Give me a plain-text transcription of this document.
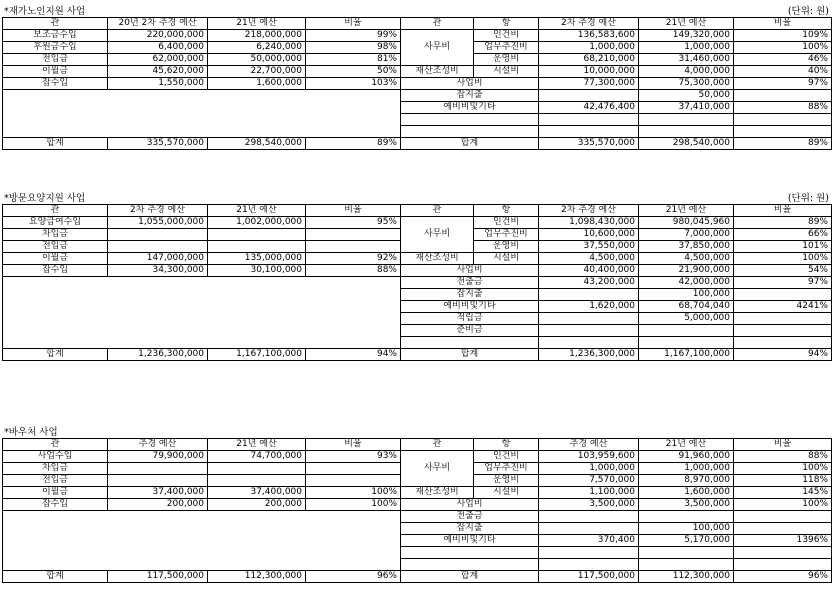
*재가노인지원 사업	(단위: 원)
관	20년 2차 추경 예산	21년 예산	비율	관	항	2차 추경 예산	21년 예산	비율
보조금수입	220,000,000	218,000,000	99%	사무비	인건비	136,583,600	149,320,000	109%
후원금수입	6,400,000	6,240,000	98%		업무추진비	1,000,000	1,000,000	100%
전입금	62,000,000	50,000,000	81%		운영비	68,210,000	31,460,000	46%
이월금	45,620,000	22,700,000	50%	재산조성비	시설비	10,000,000	4,000,000	40%
잡수입	1,550,000	1,600,000	103%	사업비		77,300,000	75,300,000	97%
				잡지출			50,000	
				예비비및기타		42,476,400	37,410,000	88%

합계	335,570,000	298,540,000	89%	합계		335,570,000	298,540,000	89%
*방문요양지원 사업	(단위: 원)
관	2차 추경 예산	21년 예산	비율	관	항	2차 추경 예산	21년 예산	비율
요양급여수입	1,055,000,000	1,002,000,000	95%	사무비	인건비	1,098,430,000	980,045,960	89%
차입금					업무추진비	10,600,000	7,000,000	66%
전입금					운영비	37,550,000	37,850,000	101%
이월금	147,000,000	135,000,000	92%	재산조성비	시설비	4,500,000	4,500,000	100%
잡수입	34,300,000	30,100,000	88%	사업비		40,400,000	21,900,000	54%
				전출금		43,200,000	42,000,000	97%
				잡지출			100,000	
				예비비및기타		1,620,000	68,704,040	4241%
				적립금			5,000,000	
				준비금				

합계	1,236,300,000	1,167,100,000	94%	합계		1,236,300,000	1,167,100,000	94%
*바우처 사업
관	추경 예산	21년 예산	비율	관	항	추경 예산	21년 예산	비율
사업수입	79,900,000	74,700,000	93%	사무비	인건비	103,959,600	91,960,000	88%
차입금					업무추진비	1,000,000	1,000,000	100%
전입금					운영비	7,570,000	8,970,000	118%
이월금	37,400,000	37,400,000	100%	재산조성비	시설비	1,100,000	1,600,000	145%
잡수입	200,000	200,000	100%	사업비		3,500,000	3,500,000	100%
				전출금				
				잡지출			100,000	
				예비비및기타		370,400	5,170,000	1396%

합계	117,500,000	112,300,000	96%	합계		117,500,000	112,300,000	96%
